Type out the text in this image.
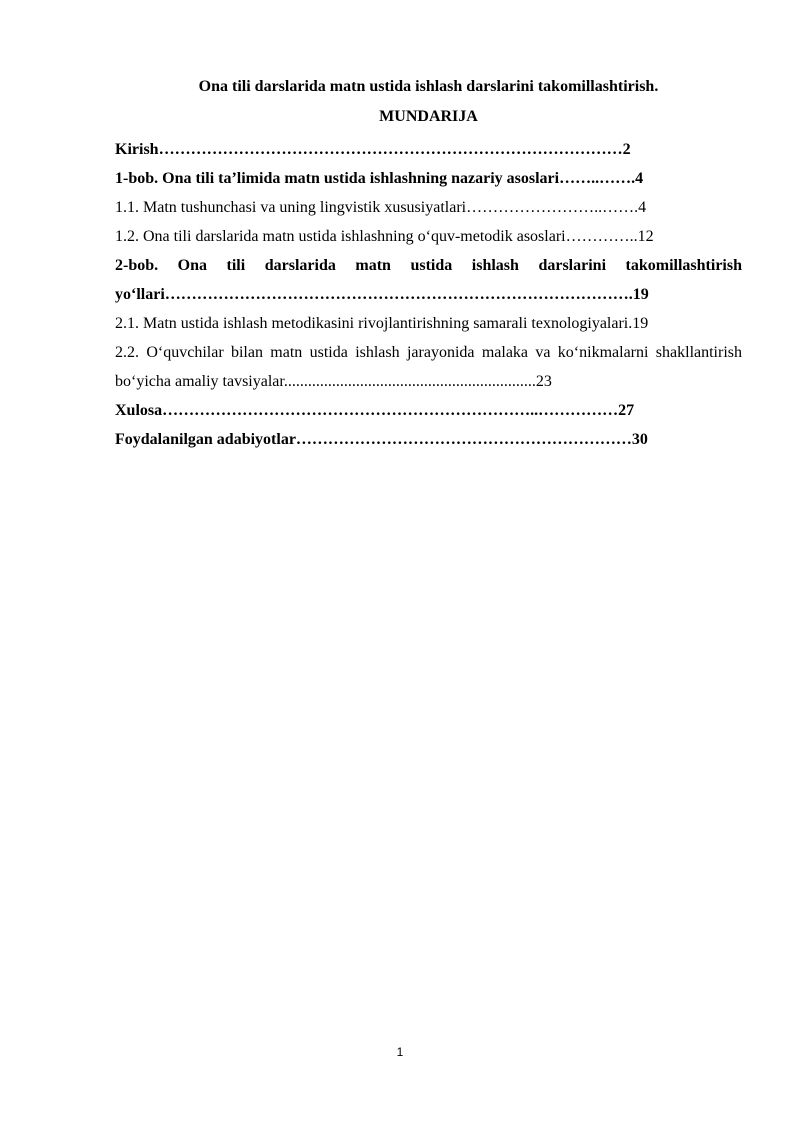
Ona tili darslarida matn ustida ishlash darslarini takomillashtirish.

MUNDARIJA

Kirish……………………………………………………………………………2

1-bob. Ona tili ta’limida matn ustida ishlashning nazariy asoslari……..…….4

1.1. Matn tushunchasi va uning lingvistik xususiyatlari……………………..…….4

1.2. Ona tili darslarida matn ustida ishlashning o‘quv-metodik asoslari…………..12

2-bob. Ona tili darslarida matn ustida ishlash darslarini takomillashtirish yo‘llari…………………………………………………………………………….19

2.1. Matn ustida ishlash metodikasini rivojlantirishning samarali texnologiyalari.19

2.2. O‘quvchilar bilan matn ustida ishlash jarayonida malaka va ko‘nikmalarni shakllantirish bo‘yicha amaliy tavsiyalar...............................................................23

Xulosa……………………………………………………………..……………27

Foydalanilgan adabiyotlar………………………………………………………30

1
